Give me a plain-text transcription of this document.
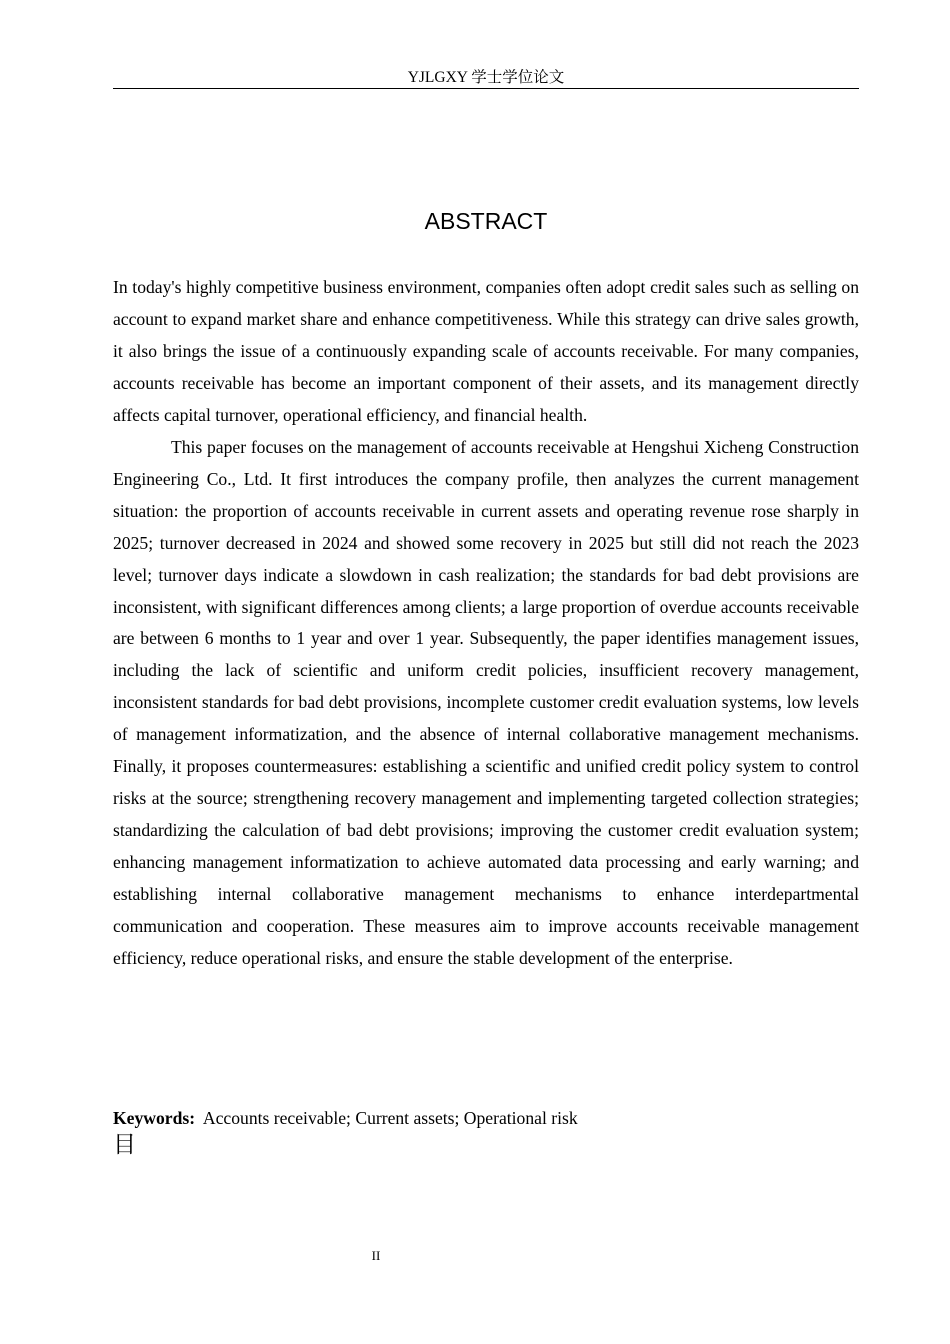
YJLGXY 学士学位论文
ABSTRACT

In today's highly competitive business environment, companies often adopt credit sales such as selling on account to expand market share and enhance competitiveness. While this strategy can drive sales growth, it also brings the issue of a continuously expanding scale of accounts receivable. For many companies, accounts receivable has become an important component of their assets, and its management directly affects capital turnover, operational efficiency, and financial health.

This paper focuses on the management of accounts receivable at Hengshui Xicheng Construction Engineering Co., Ltd. It first introduces the company profile, then analyzes the current management situation: the proportion of accounts receivable in current assets and operating revenue rose sharply in 2025; turnover decreased in 2024 and showed some recovery in 2025 but still did not reach the 2023 level; turnover days indicate a slowdown in cash realization; the standards for bad debt provisions are inconsistent, with significant differences among clients; a large proportion of overdue accounts receivable are between 6 months to 1 year and over 1 year. Subsequently, the paper identifies management issues, including the lack of scientific and uniform credit policies, insufficient recovery management, inconsistent standards for bad debt provisions, incomplete customer credit evaluation systems, low levels of management informatization, and the absence of internal collaborative management mechanisms. Finally, it proposes countermeasures: establishing a scientific and unified credit policy system to control risks at the source; strengthening recovery management and implementing targeted collection strategies; standardizing the calculation of bad debt provisions; improving the customer credit evaluation system; enhancing management informatization to achieve automated data processing and early warning; and establishing internal collaborative management mechanisms to enhance interdepartmental communication and cooperation. These measures aim to improve accounts receivable management efficiency, reduce operational risks, and ensure the stable development of the enterprise.

Keywords: Accounts receivable; Current assets; Operational risk
目
II
